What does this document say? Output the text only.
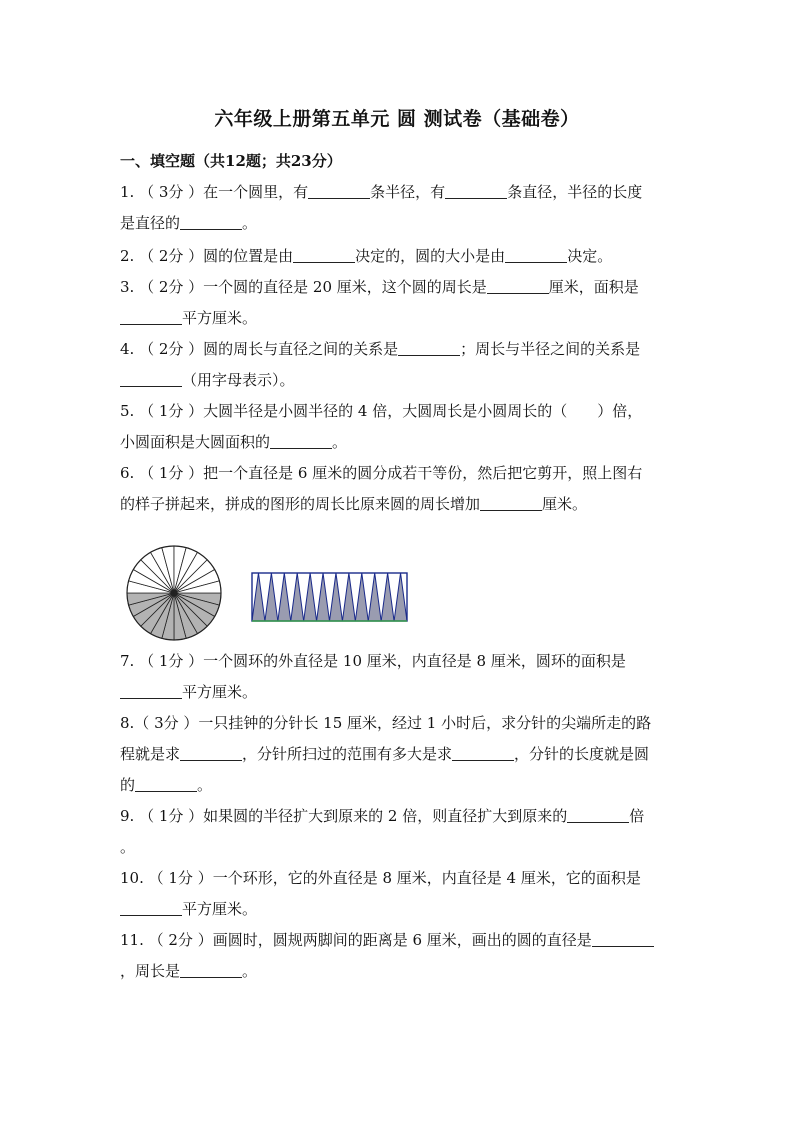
六年级上册第五单元 圆 测试卷（基础卷）
一、填空题（共12题；共23分）
1. （ 3分 ）在一个圆里，有	条半径，有	条直径，半径的长度
是直径的	。
2. （ 2分 ）圆的位置是由	决定的，圆的大小是由	决定。
3. （ 2分 ）一个圆的直径是 20 厘米，这个圆的周长是	厘米，面积是
平方厘米。
4. （ 2分 ）圆的周长与直径之间的关系是	；周长与半径之间的关系是
（用字母表示）。
5. （ 1分 ）大圆半径是小圆半径的 4 倍，大圆周长是小圆周长的（　　）倍，
小圆面积是大圆面积的	。
6. （ 1分 ）把一个直径是 6 厘米的圆分成若干等份，然后把它剪开，照上图右
的样子拼起来，拼成的图形的周长比原来圆的周长增加	厘米。
7. （ 1分 ）一个圆环的外直径是 10 厘米，内直径是 8 厘米，圆环的面积是
平方厘米。
8.（ 3分 ）一只挂钟的分针长 15 厘米，经过 1 小时后，求分针的尖端所走的路
程就是求	，分针所扫过的范围有多大是求	，分针的长度就是圆
的	。
9. （ 1分 ）如果圆的半径扩大到原来的 2 倍，则直径扩大到原来的	倍
。
10. （ 1分 ）一个环形，它的外直径是 8 厘米，内直径是 4 厘米，它的面积是
平方厘米。
11. （ 2分 ）画圆时，圆规两脚间的距离是 6 厘米，画出的圆的直径是
，周长是	。
